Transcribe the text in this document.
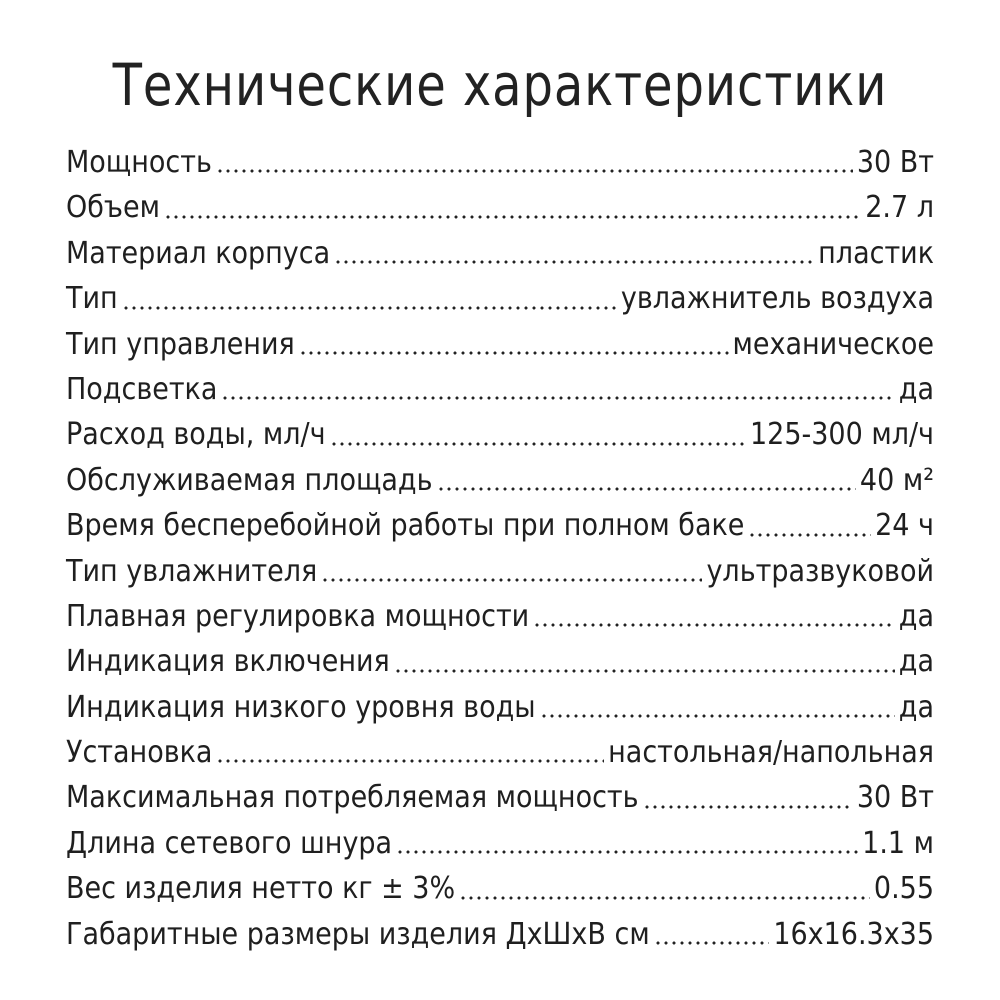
Технические характеристики
Мощность	30 Вт
Объем	2.7 л
Материал корпуса	пластик
Тип	увлажнитель воздуха
Тип управления	механическое
Подсветка	да
Расход воды, мл/ч	125-300 мл/ч
Обслуживаемая площадь	40 м²
Время бесперебойной работы при полном баке	24 ч
Тип увлажнителя	ультразвуковой
Плавная регулировка мощности	да
Индикация включения	да
Индикация низкого уровня воды	да
Установка	настольная/напольная
Максимальная потребляемая мощность	30 Вт
Длина сетевого шнура	1.1 м
Вес изделия нетто кг ± 3%	0.55
Габаритные размеры изделия ДхШхВ см	16x16.3x35
